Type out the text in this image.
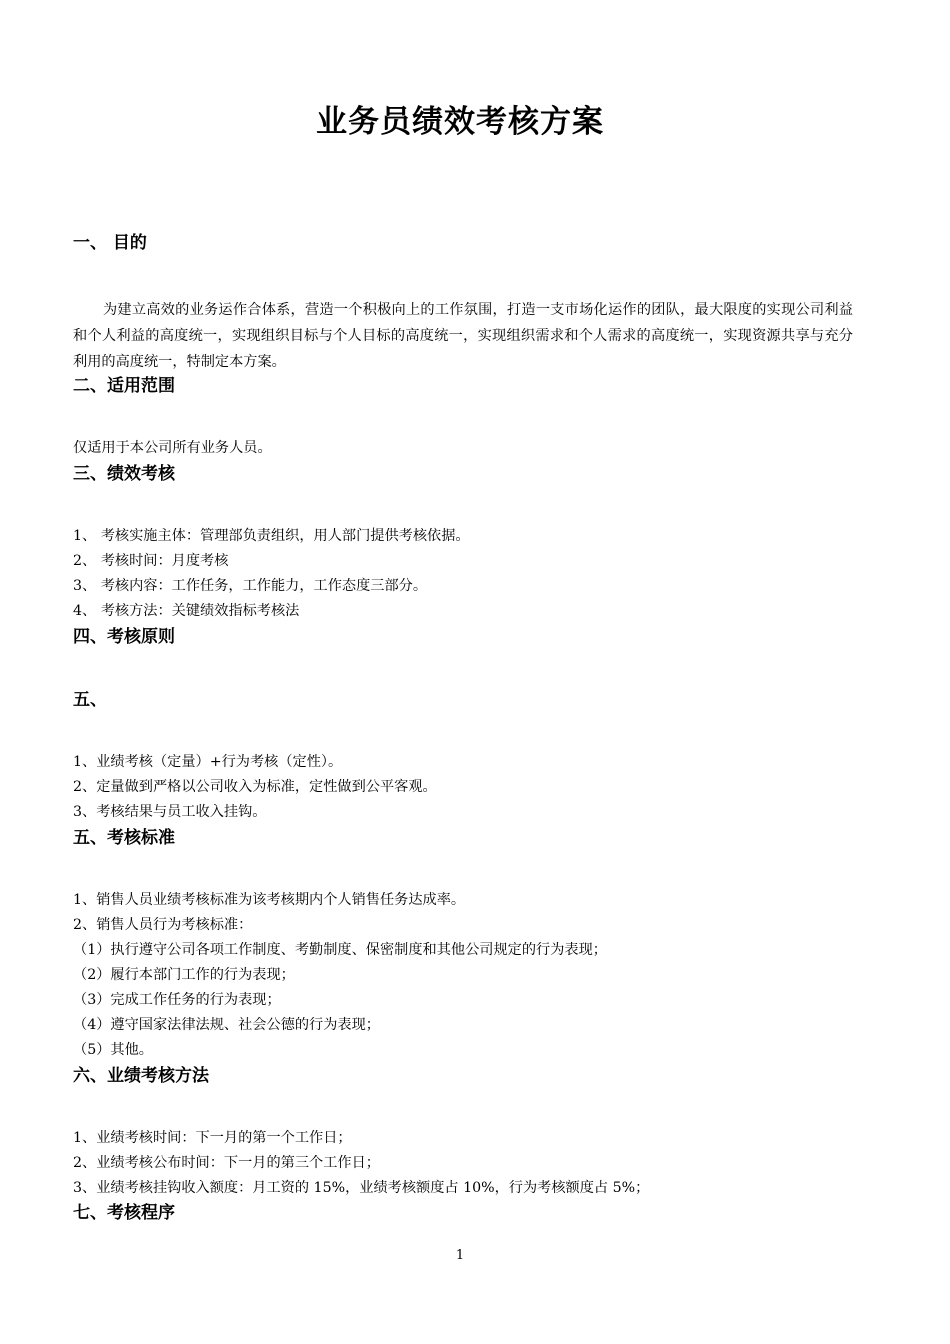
业务员绩效考核方案
一、 目的
为建立高效的业务运作合体系，营造一个积极向上的工作氛围，打造一支市场化运作的团队，最大限度的实现公司利益和个人利益的高度统一，实现组织目标与个人目标的高度统一，实现组织需求和个人需求的高度统一，实现资源共享与充分利用的高度统一，特制定本方案。
二、适用范围
仅适用于本公司所有业务人员。
三、绩效考核
1、 考核实施主体：管理部负责组织，用人部门提供考核依据。
2、 考核时间：月度考核
3、 考核内容：工作任务，工作能力，工作态度三部分。
4、 考核方法：关键绩效指标考核法
四、考核原则
五、
1、业绩考核（定量）+行为考核（定性）。
2、定量做到严格以公司收入为标准，定性做到公平客观。
3、考核结果与员工收入挂钩。
五、考核标准
1、销售人员业绩考核标准为该考核期内个人销售任务达成率。
2、销售人员行为考核标准：
（1）执行遵守公司各项工作制度、考勤制度、保密制度和其他公司规定的行为表现；
（2）履行本部门工作的行为表现；
（3）完成工作任务的行为表现；
（4）遵守国家法律法规、社会公德的行为表现；
（5）其他。
六、业绩考核方法
1、业绩考核时间：下一月的第一个工作日；
2、业绩考核公布时间：下一月的第三个工作日；
3、业绩考核挂钩收入额度：月工资的 15%，业绩考核额度占 10%，行为考核额度占 5%；
七、考核程序
1
